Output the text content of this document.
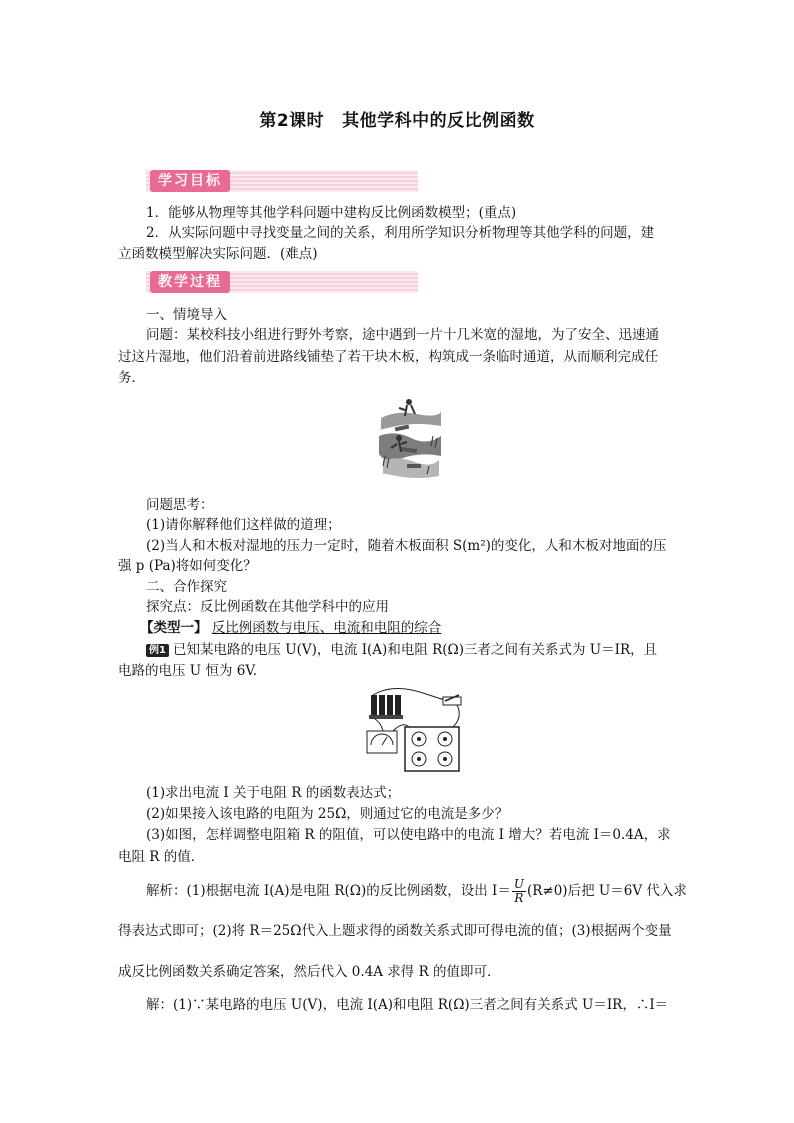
第2课时 其他学科中的反比例函数
学习目标
1．能够从物理等其他学科问题中建构反比例函数模型；(重点)
2．从实际问题中寻找变量之间的关系，利用所学知识分析物理等其他学科的问题，建
立函数模型解决实际问题．(难点)
教学过程
一、情境导入
问题：某校科技小组进行野外考察，途中遇到一片十几米宽的湿地，为了安全、迅速通
过这片湿地，他们沿着前进路线铺垫了若干块木板，构筑成一条临时通道，从而顺利完成任
务．
问题思考：
(1)请你解释他们这样做的道理；
(2)当人和木板对湿地的压力一定时，随着木板面积 S(m²)的变化，人和木板对地面的压
强 p (Pa)将如何变化？
二、合作探究
探究点：反比例函数在其他学科中的应用
【类型一】 反比例函数与电压、电流和电阻的综合
例1 已知某电路的电压 U(V)，电流 I(A)和电阻 R(Ω)三者之间有关系式为 U＝IR，且
电路的电压 U 恒为 6V.
(1)求出电流 I 关于电阻 R 的函数表达式；
(2)如果接入该电路的电阻为 25Ω，则通过它的电流是多少？
(3)如图，怎样调整电阻箱 R 的阻值，可以使电路中的电流 I 增大？若电流 I＝0.4A，求
电阻 R 的值．
解析：(1)根据电流 I(A)是电阻 R(Ω)的反比例函数，设出 $I= \frac{U}{R} (R\ne 0)$后把 U＝6V 代入求
得表达式即可；(2)将 R＝25Ω代入上题求得的函数关系式即可得电流的值；(3)根据两个变量
成反比例函数关系确定答案，然后代入 0.4A 求得 R 的值即可．
解：(1)∵某电路的电压 U(V)，电流 I(A)和电阻 R(Ω)三者之间有关系式 U＝IR，∴I＝
